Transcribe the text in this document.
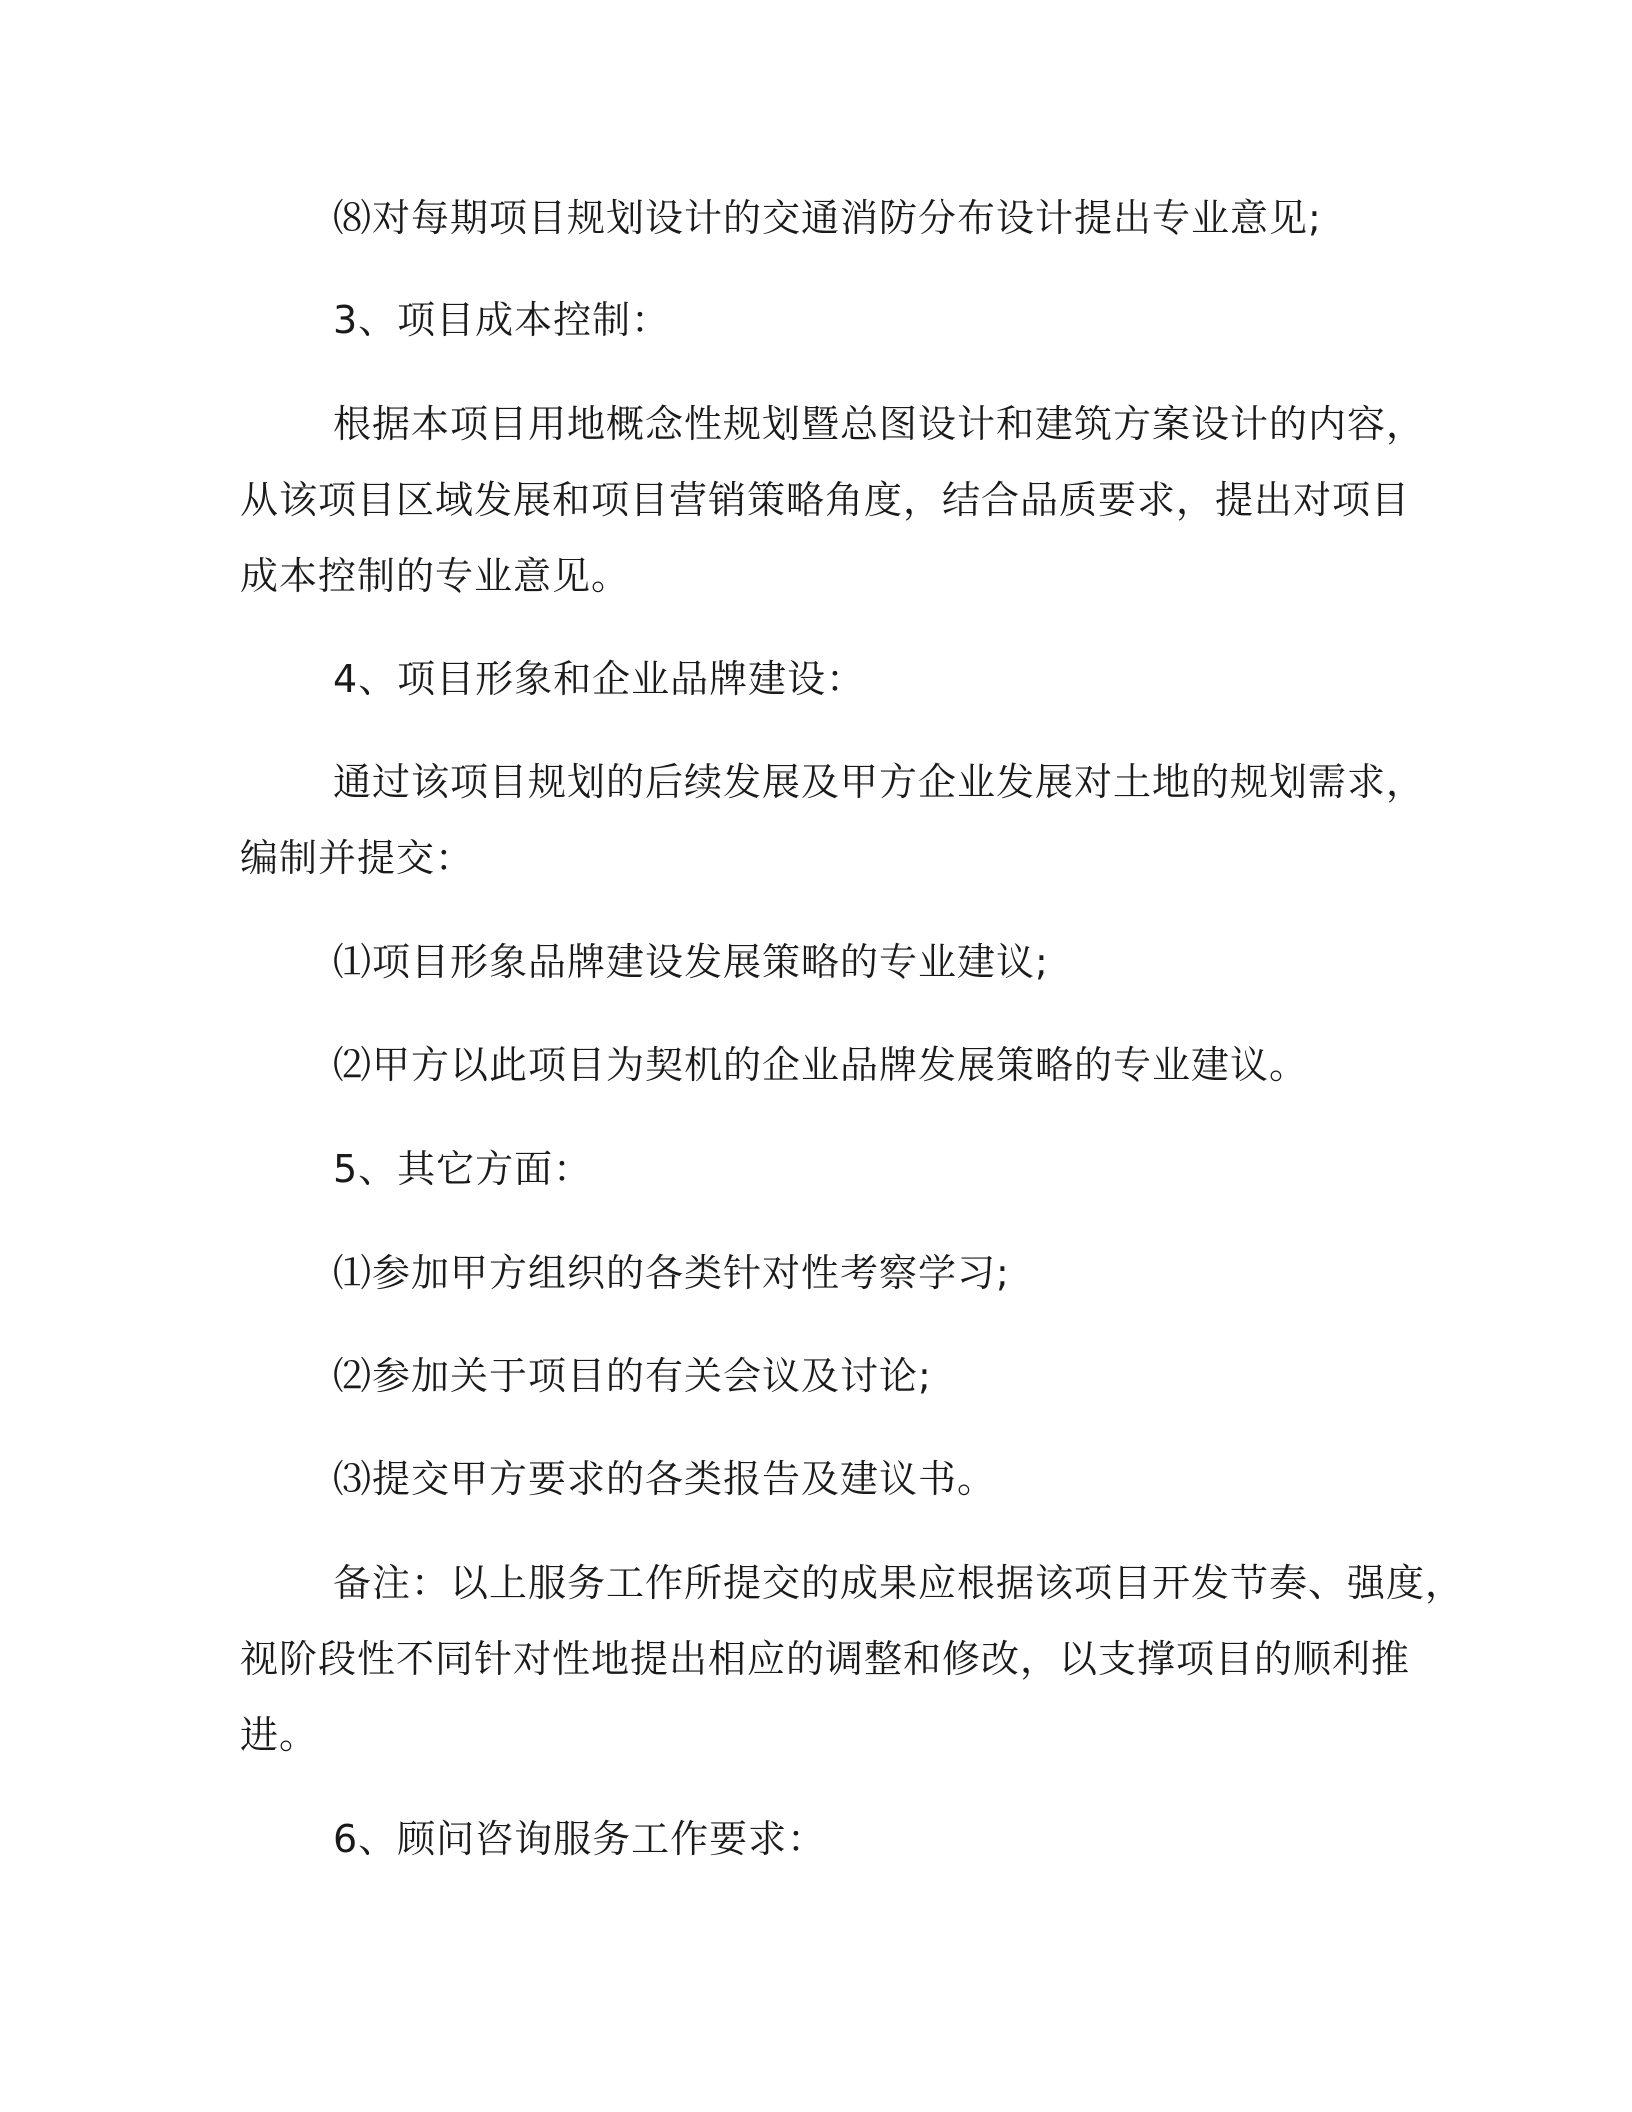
⑻对每期项目规划设计的交通消防分布设计提出专业意见;
3、项目成本控制：
根据本项目用地概念性规划暨总图设计和建筑方案设计的内容，
从该项目区域发展和项目营销策略角度，结合品质要求，提出对项目
成本控制的专业意见。
4、项目形象和企业品牌建设：
通过该项目规划的后续发展及甲方企业发展对土地的规划需求，
编制并提交：
⑴项目形象品牌建设发展策略的专业建议;
⑵甲方以此项目为契机的企业品牌发展策略的专业建议。
5、其它方面：
⑴参加甲方组织的各类针对性考察学习;
⑵参加关于项目的有关会议及讨论;
⑶提交甲方要求的各类报告及建议书。
备注：以上服务工作所提交的成果应根据该项目开发节奏、强度，
视阶段性不同针对性地提出相应的调整和修改，以支撑项目的顺利推
进。
6、顾问咨询服务工作要求：
